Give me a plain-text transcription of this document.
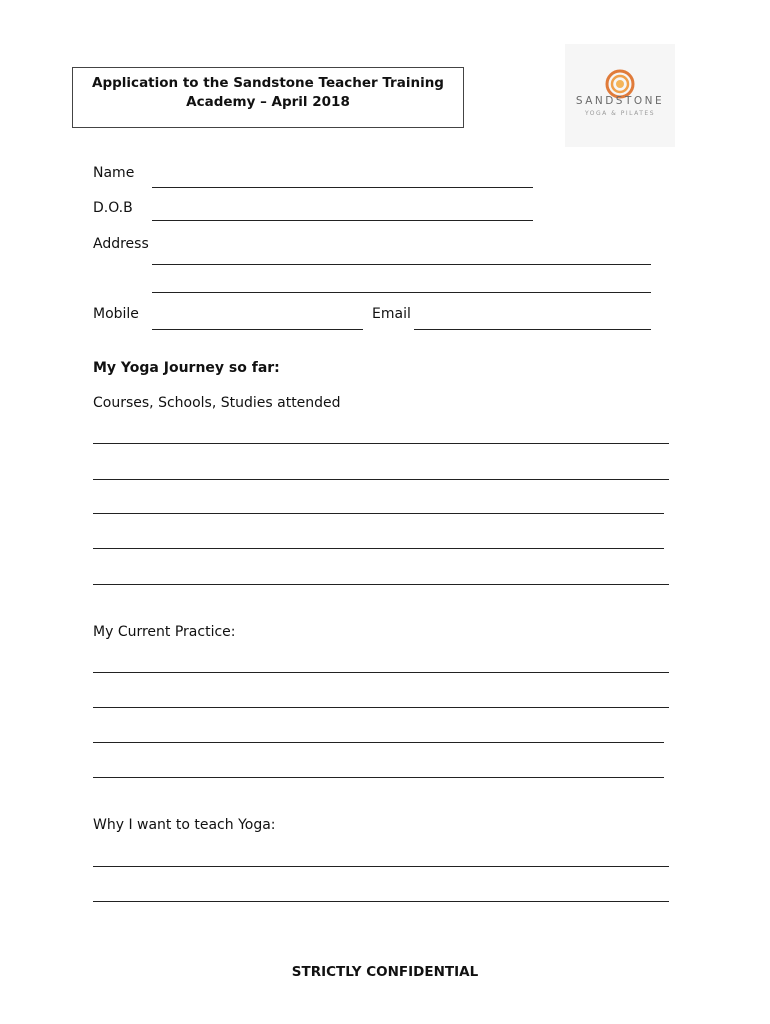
Application to the Sandstone Teacher Training
Academy – April 2018	SANDSTONE
YOGA & PILATES
Name
D.O.B
Address
Mobile	Email
My Yoga Journey so far:
Courses, Schools, Studies attended
My Current Practice:
Why I want to teach Yoga:
STRICTLY CONFIDENTIAL
